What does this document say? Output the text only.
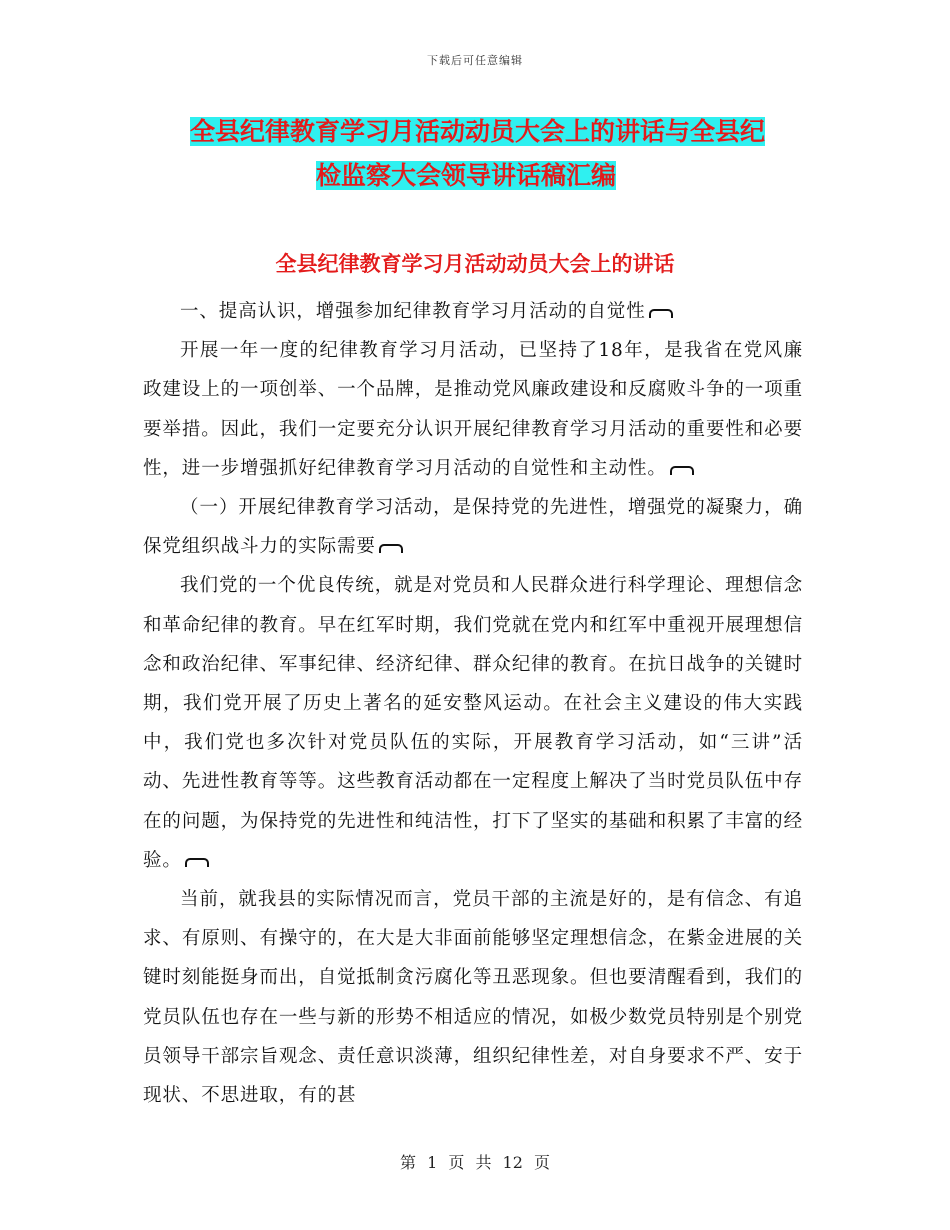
下载后可任意编辑
全县纪律教育学习月活动动员大会上的讲话与全县纪
检监察大会领导讲话稿汇编
全县纪律教育学习月活动动员大会上的讲话

一、提高认识，增强参加纪律教育学习月活动的自觉性

开展一年一度的纪律教育学习月活动，已坚持了18年，是我省在党风廉政建设上的一项创举、一个品牌，是推动党风廉政建设和反腐败斗争的一项重要举措。因此，我们一定要充分认识开展纪律教育学习月活动的重要性和必要性，进一步增强抓好纪律教育学习月活动的自觉性和主动性。

（一）开展纪律教育学习活动，是保持党的先进性，增强党的凝聚力，确保党组织战斗力的实际需要

我们党的一个优良传统，就是对党员和人民群众进行科学理论、理想信念和革命纪律的教育。早在红军时期，我们党就在党内和红军中重视开展理想信念和政治纪律、军事纪律、经济纪律、群众纪律的教育。在抗日战争的关键时期，我们党开展了历史上著名的延安整风运动。在社会主义建设的伟大实践中，我们党也多次针对党员队伍的实际，开展教育学习活动，如“三讲”活动、先进性教育等等。这些教育活动都在一定程度上解决了当时党员队伍中存在的问题，为保持党的先进性和纯洁性，打下了坚实的基础和积累了丰富的经验。

当前，就我县的实际情况而言，党员干部的主流是好的，是有信念、有追求、有原则、有操守的，在大是大非面前能够坚定理想信念，在紫金进展的关键时刻能挺身而出，自觉抵制贪污腐化等丑恶现象。但也要清醒看到，我们的党员队伍也存在一些与新的形势不相适应的情况，如极少数党员特别是个别党员领导干部宗旨观念、责任意识淡薄，组织纪律性差，对自身要求不严、安于现状、不思进取，有的甚

第 1 页 共 12 页
